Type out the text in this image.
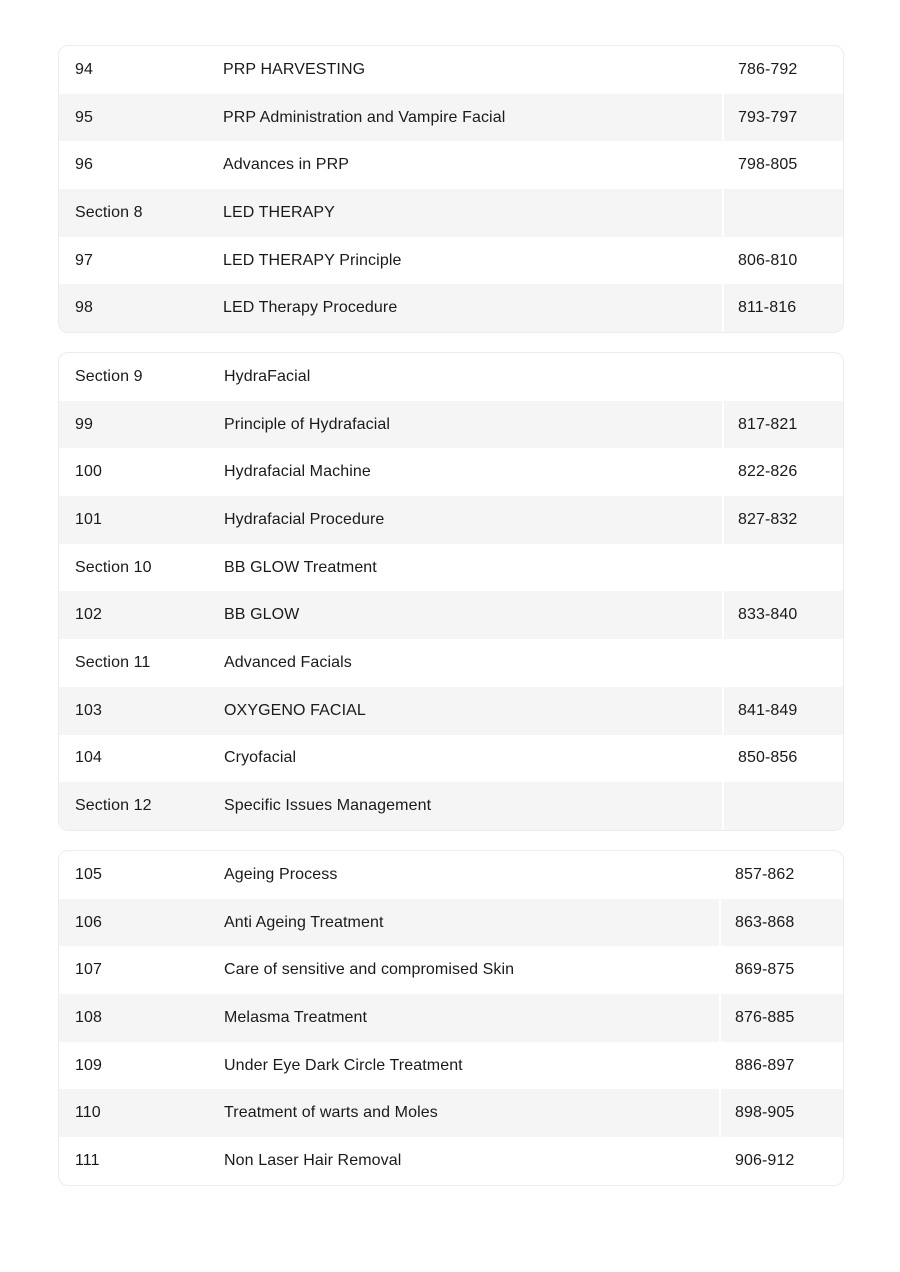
94	PRP HARVESTING	786-792
95	PRP Administration and Vampire Facial	793-797
96	Advances in PRP	798-805
Section 8	LED THERAPY
97	LED THERAPY Principle	806-810
98	LED Therapy Procedure	811-816
Section 9	HydraFacial
99	Principle of Hydrafacial	817-821
100	Hydrafacial Machine	822-826
101	Hydrafacial Procedure	827-832
Section 10	BB GLOW Treatment
102	BB GLOW	833-840
Section 11	Advanced Facials
103	OXYGENO FACIAL	841-849
104	Cryofacial	850-856
Section 12	Specific Issues Management
105	Ageing Process	857-862
106	Anti Ageing Treatment	863-868
107	Care of sensitive and compromised Skin	869-875
108	Melasma Treatment	876-885
109	Under Eye Dark Circle Treatment	886-897
110	Treatment of warts and Moles	898-905
111	Non Laser Hair Removal	906-912
